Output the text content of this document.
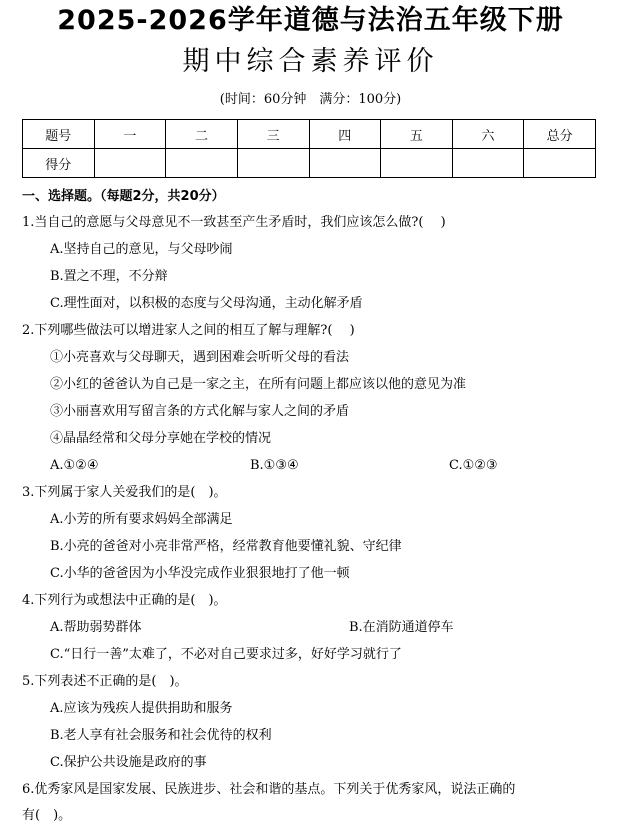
2025-2026学年道德与法治五年级下册
期中综合素养评价
(时间：60分钟　满分：100分)
题号	一	二	三	四	五	六	总分
得分							
一、选择题。（每题2分，共20分）
1.当自己的意愿与父母意见不一致甚至产生矛盾时，我们应该怎么做?(　 )
A.坚持自己的意见，与父母吵闹
B.置之不理，不分辩
C.理性面对，以积极的态度与父母沟通，主动化解矛盾
2.下列哪些做法可以增进家人之间的相互了解与理解?(　 )
①小亮喜欢与父母聊天，遇到困难会听听父母的看法
②小红的爸爸认为自己是一家之主，在所有问题上都应该以他的意见为准
③小丽喜欢用写留言条的方式化解与家人之间的矛盾
④晶晶经常和父母分享她在学校的情况
A.①②④	B.①③④	C.①②③
3.下列属于家人关爱我们的是(　)。
A.小芳的所有要求妈妈全部满足
B.小亮的爸爸对小亮非常严格，经常教育他要懂礼貌、守纪律
C.小华的爸爸因为小华没完成作业狠狠地打了他一顿
4.下列行为或想法中正确的是(　)。
A.帮助弱势群体	B.在消防通道停车
C.“日行一善”太难了，不必对自己要求过多，好好学习就行了
5.下列表述不正确的是(　)。
A.应该为残疾人提供捐助和服务
B.老人享有社会服务和社会优待的权利
C.保护公共设施是政府的事
6.优秀家风是国家发展、民族进步、社会和谐的基点。下列关于优秀家风，说法正确的
有(　)。
